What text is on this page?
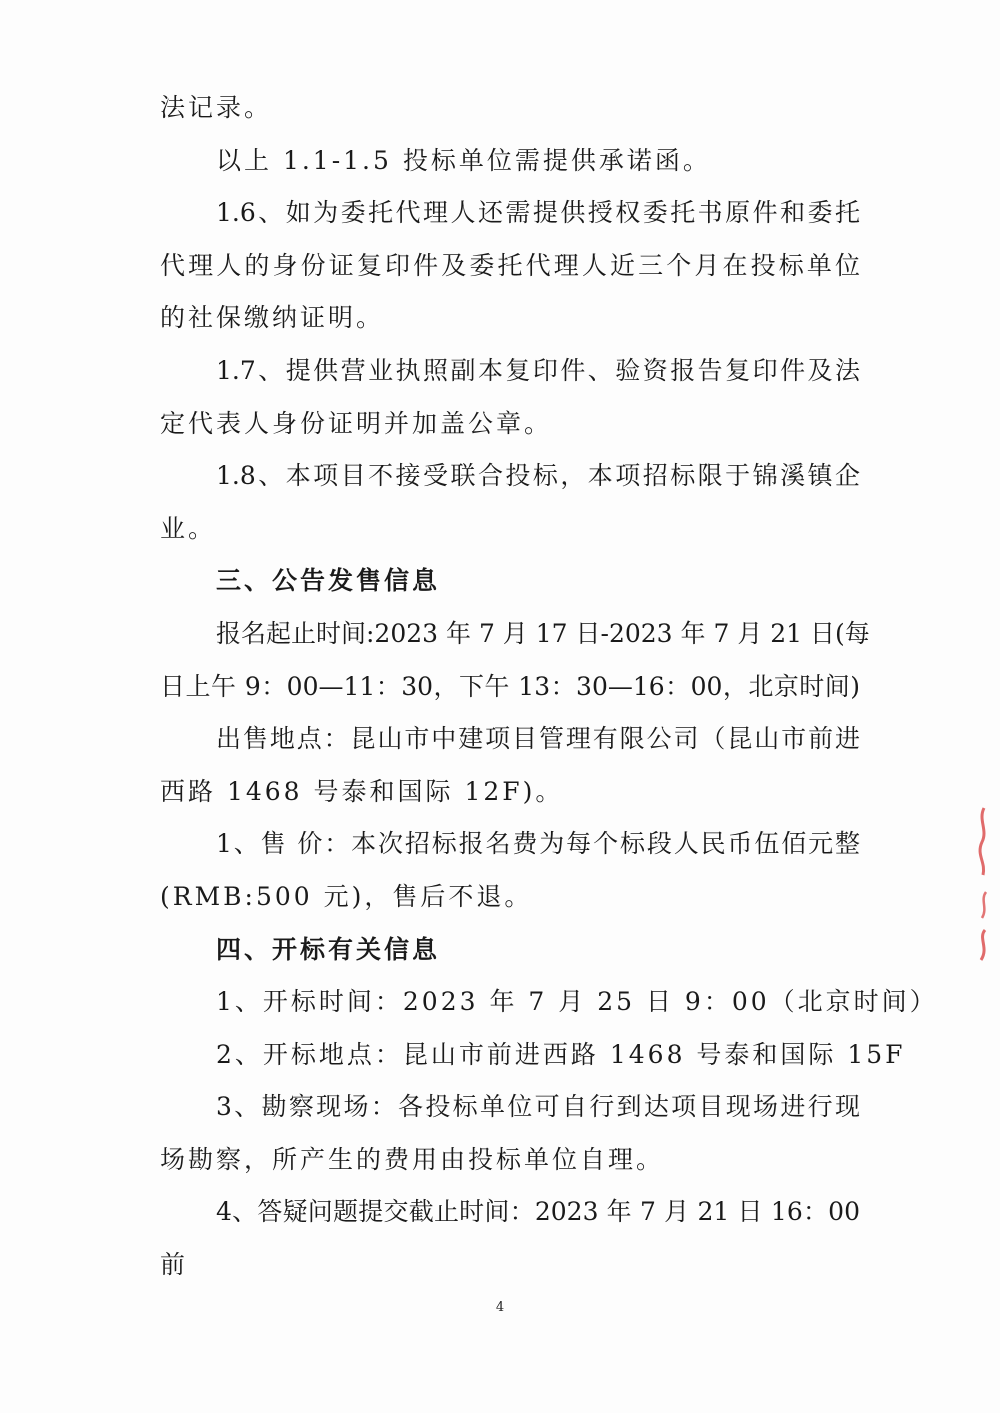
法记录。
以上 1.1-1.5 投标单位需提供承诺函。
1.6、如为委托代理人还需提供授权委托书原件和委托
代理人的身份证复印件及委托代理人近三个月在投标单位
的社保缴纳证明。
1.7、提供营业执照副本复印件、验资报告复印件及法
定代表人身份证明并加盖公章。
1.8、本项目不接受联合投标，本项招标限于锦溪镇企
业。
三、公告发售信息
报名起止时间:2023 年 7 月 17 日-2023 年 7 月 21 日(每
日上午 9：00—11：30，下午 13：30—16：00，北京时间)
出售地点：昆山市中建项目管理有限公司（昆山市前进
西路 1468 号泰和国际 12F)。
1、售 价：本次招标报名费为每个标段人民币伍佰元整
(RMB:500 元)，售后不退。
四、开标有关信息
1、开标时间：2023 年 7 月 25 日 9：00（北京时间）
2、开标地点：昆山市前进西路 1468 号泰和国际 15F
3、勘察现场：各投标单位可自行到达项目现场进行现
场勘察，所产生的费用由投标单位自理。
4、答疑问题提交截止时间：2023 年 7 月 21 日 16：00
前
4
